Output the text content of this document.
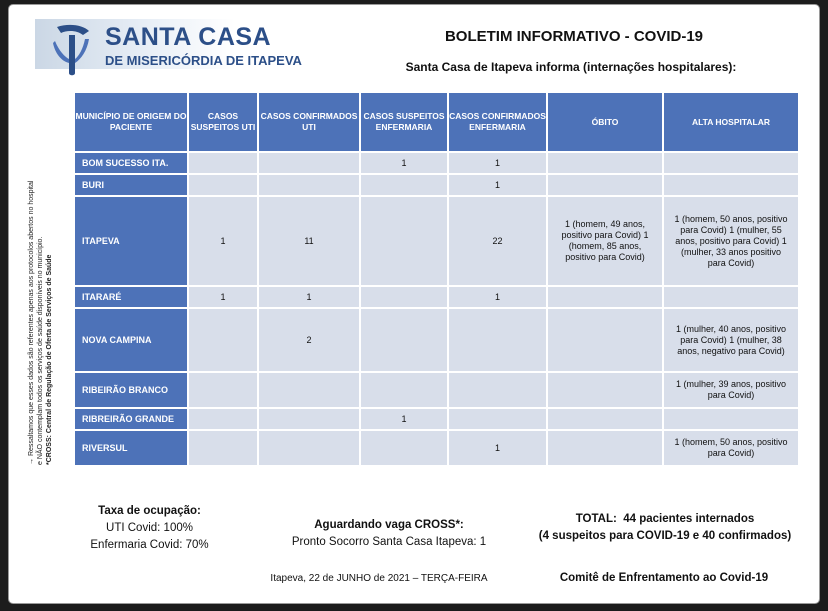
SANTA CASA
DE MISERICÓRDIA DE ITAPEVA
BOLETIM INFORMATIVO - COVID-19
Santa Casa de Itapeva informa (internações hospitalares):
→ Ressaltamos que esses dados são referentes apenas aos protocolos abertos no hospital e NÃO contemplam todos os serviços de saúde disponíveis no município. *CROSS: Central de Regulação de Oferta de Serviços de Saúde
MUNICÍPIO DE ORIGEM DO PACIENTE	CASOS SUSPEITOS UTI	CASOS CONFIRMADOS UTI	CASOS SUSPEITOS ENFERMARIA	CASOS CONFIRMADOS ENFERMARIA	ÓBITO	ALTA HOSPITALAR
BOM SUCESSO ITA.			1	1		
BURI				1		
ITAPEVA	1	11		22	1 (homem, 49 anos, positivo para Covid) 1 (homem, 85 anos, positivo para Covid)	1 (homem, 50 anos, positivo para Covid) 1 (mulher, 55 anos, positivo para Covid) 1 (mulher, 33 anos positivo para Covid)
ITARARÉ	1	1		1		
NOVA CAMPINA		2				1 (mulher, 40 anos, positivo para Covid) 1 (mulher, 38 anos, negativo para Covid)
RIBEIRÃO BRANCO						1 (mulher, 39 anos, positivo para Covid)
RIBREIRÃO GRANDE			1			
RIVERSUL				1		1 (homem, 50 anos, positivo para Covid)
Taxa de ocupação:
UTI Covid: 100%
Enfermaria Covid: 70%
Aguardando vaga CROSS*:
Pronto Socorro Santa Casa Itapeva: 1
TOTAL:  44 pacientes internados
(4 suspeitos para COVID-19 e 40 confirmados)
Itapeva, 22 de JUNHO de 2021 – TERÇA-FEIRA	Comitê de Enfrentamento ao Covid-19
